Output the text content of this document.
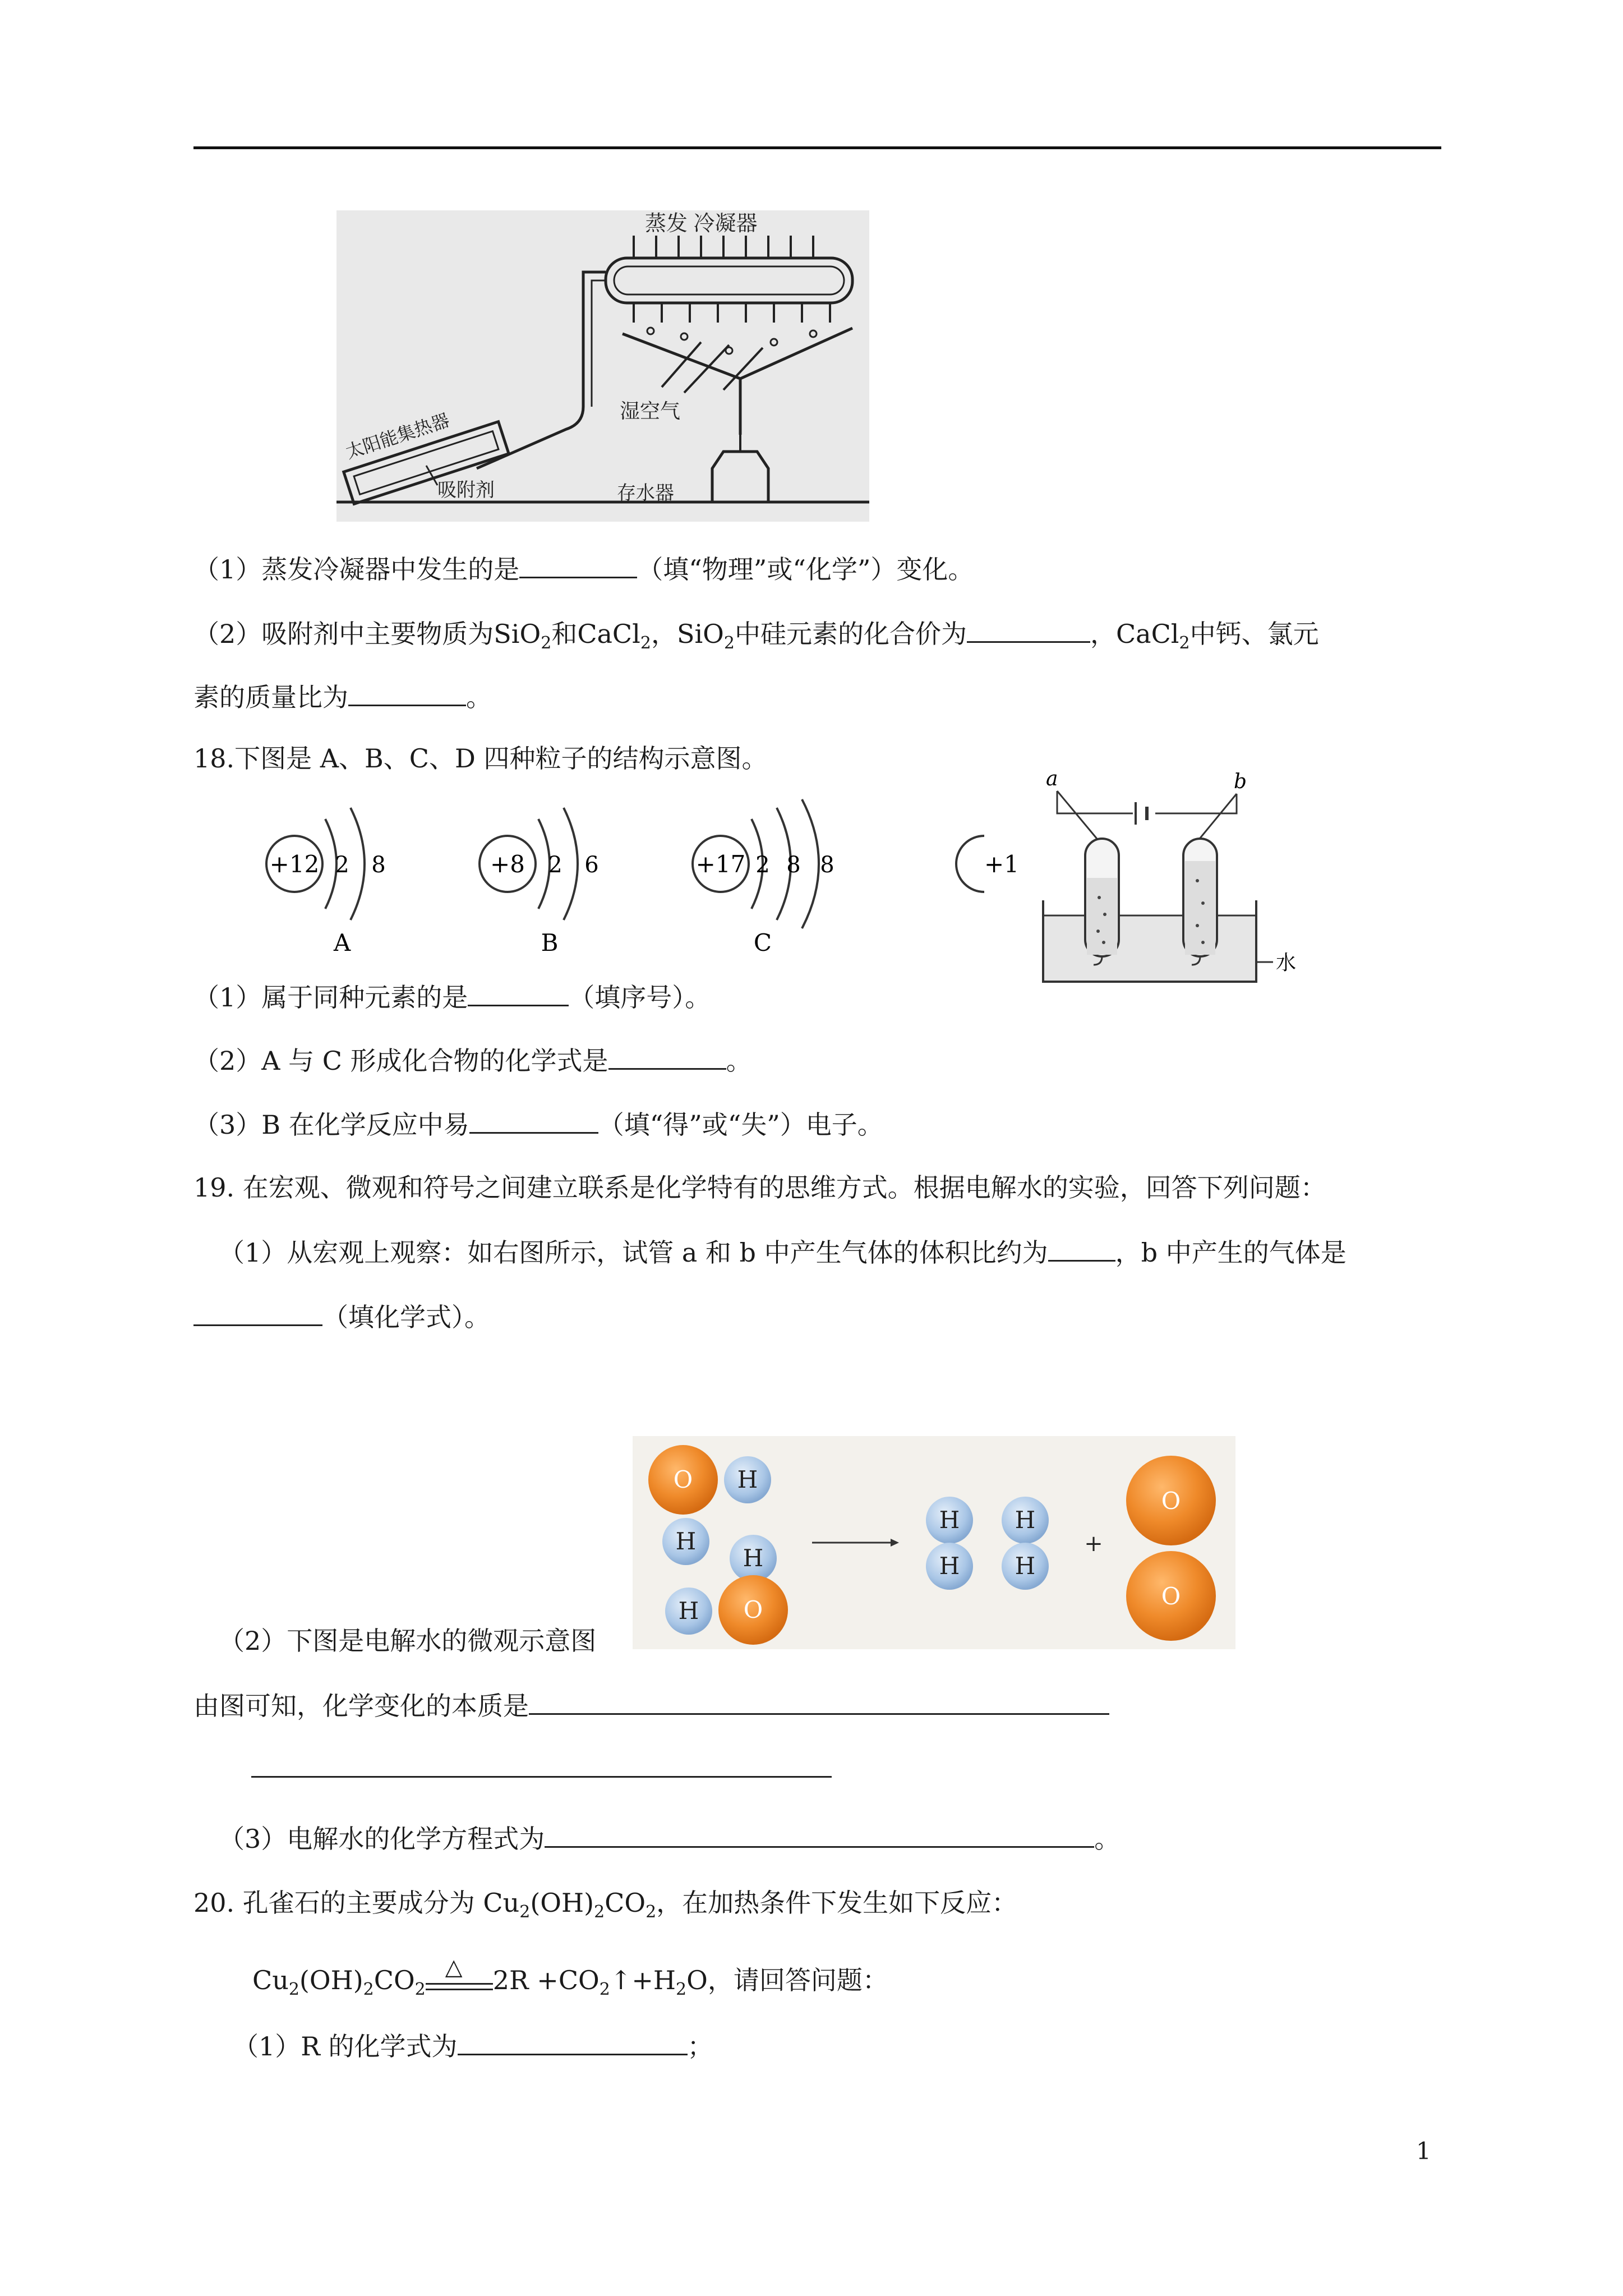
蒸发 冷凝器
湿空气
太阳能集热器
吸附剂	存水器
（1）蒸发冷凝器中发生的是	（填“物理”或“化学”）变化。
（2）吸附剂中主要物质为SiO$_2$和CaCl$_2$，SiO$_2$中硅元素的化合价为	，CaCl$_2$中钙、氯元
素的质量比为	。
18.下图是 A、B、C、D 四种粒子的结构示意图。
+12 2 8
A
+8 2 6
B
+17 2 8 8
C
+1
a	b
水
（1）属于同种元素的是	（填序号）。
（2）A 与 C 形成化合物的化学式是	。
（3）B 在化学反应中易	（填“得”或“失”）电子。
19. 在宏观、微观和符号之间建立联系是化学特有的思维方式。根据电解水的实验，回答下列问题：
（1）从宏观上观察：如右图所示，试管 a 和 b 中产生气体的体积比约为	，b 中产生的气体是
（填化学式）。
O H
H
H
H O
H
H
H
H
+
O
O
（2）下图是电解水的微观示意图
由图可知，化学变化的本质是
（3）电解水的化学方程式为	。
20. 孔雀石的主要成分为 $Cu_2(OH)_2CO_2$，在加热条件下发生如下反应：
$Cu_2(OH)_2CO_2$
△ $2R +CO_2↑+H_2O$，请回答问题：
（1）R 的化学式为	；
1
